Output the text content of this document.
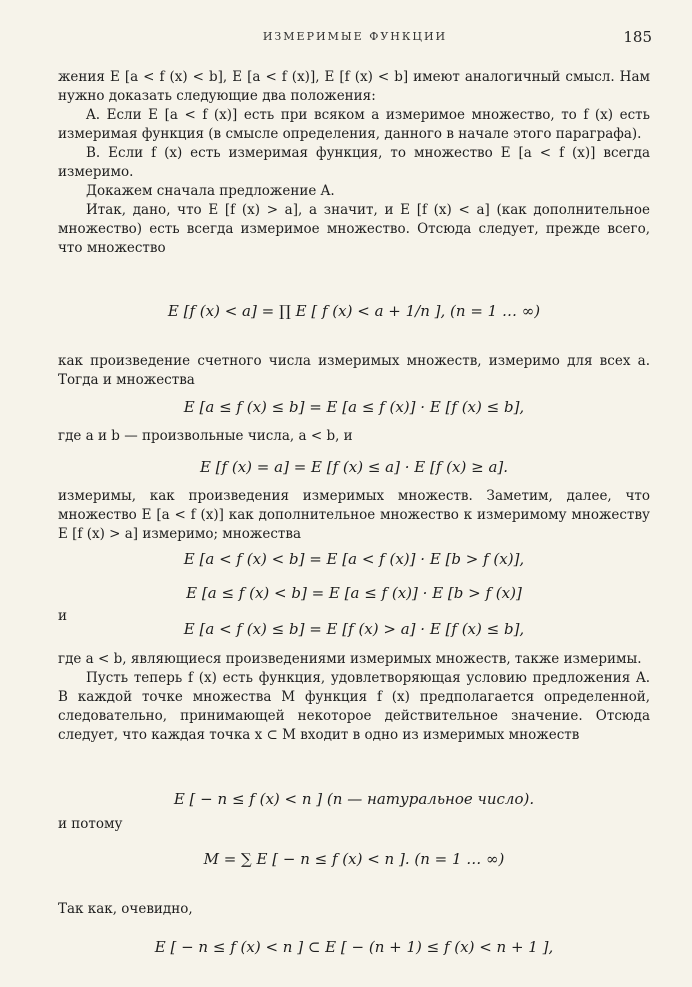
ИЗМЕРИМЫЕ ФУНКЦИИ	185

жения E [a < f (x) < b], E [a < f (x)], E [f (x) < b] имеют аналогичный смысл. Нам нужно доказать следующие два положения:

A. Если E [a < f (x)] есть при всяком a измеримое множество, то f (x) есть измеримая функция (в смысле определения, данного в начале этого параграфа).

B. Если f (x) есть измеримая функция, то множество E [a < f (x)] всегда измеримо.

Докажем сначала предложение A.

Итак, дано, что E [f (x) > a], а значит, и E [f (x) < a] (как дополнительное множество) есть всегда измеримое множество. Отсюда следует, прежде всего, что множество

E [f (x) < a] = ∏ E [ f (x) < a + 1/n ], (n = 1 … ∞)

как произведение счетного числа измеримых множеств, измеримо для всех a. Тогда и множества

E [a ≤ f (x) ≤ b] = E [a ≤ f (x)] · E [f (x) ≤ b],

где a и b — произвольные числа, a < b, и

E [f (x) = a] = E [f (x) ≤ a] · E [f (x) ≥ a].

измеримы, как произведения измеримых множеств. Заметим, далее, что множество E [a < f (x)] как дополнительное множество к измеримому множеству E [f (x) > a] измеримо; множества

E [a < f (x) < b] = E [a < f (x)] · E [b > f (x)],
E [a ≤ f (x) < b] = E [a ≤ f (x)] · E [b > f (x)]
и
E [a < f (x) ≤ b] = E [f (x) > a] · E [f (x) ≤ b],

где a < b, являющиеся произведениями измеримых множеств, также измеримы.

Пусть теперь f (x) есть функция, удовлетворяющая условию предложения A. В каждой точке множества M функция f (x) предполагается определенной, следовательно, принимающей некоторое действительное значение. Отсюда следует, что каждая точка x ⊂ M входит в одно из измеримых множеств

E [ − n ≤ f (x) < n ] (n — натуральное число).

и потому

M = ∑ E [ − n ≤ f (x) < n ]. (n = 1 … ∞)

Так как, очевидно,

E [ − n ≤ f (x) < n ] ⊂ E [ − (n + 1) ≤ f (x) < n + 1 ],
